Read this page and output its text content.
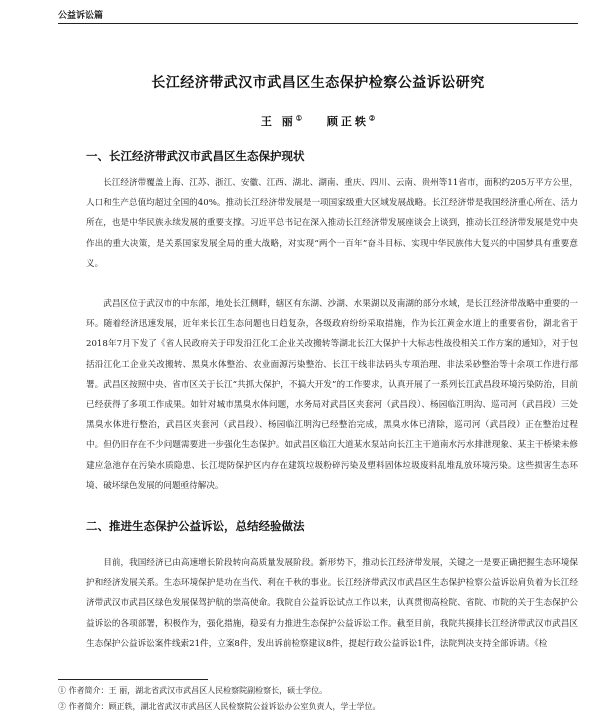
公益诉讼篇
长江经济带武汉市武昌区生态保护检察公益诉讼研究
王 丽① 顾正轶②
一、长江经济带武汉市武昌区生态保护现状
长江经济带覆盖上海、江苏、浙江、安徽、江西、湖北、湖南、重庆、四川、云南、贵州等11省市，面积约205万平方公里，人口和生产总值均超过全国的40%。推动长江经济带发展是一项国家级重大区域发展战略。长江经济带是我国经济重心所在、活力所在，也是中华民族永续发展的重要支撑。习近平总书记在深入推动长江经济带发展座谈会上谈到，推动长江经济带发展是党中央作出的重大决策，是关系国家发展全局的重大战略，对实现“两个一百年”奋斗目标、实现中华民族伟大复兴的中国梦具有重要意义。
武昌区位于武汉市的中东部，地处长江侧畔，辖区有东湖、沙湖、水果湖以及南湖的部分水域，是长江经济带战略中重要的一环。随着经济迅速发展，近年来长江生态问题也日趋复杂，各级政府纷纷采取措施，作为长江黄金水道上的重要省份，湖北省于2018年7月下发了《省人民政府关于印发沿江化工企业关改搬转等湖北长江大保护十大标志性战役相关工作方案的通知》，对于包括沿江化工企业关改搬转、黑臭水体整治、农业面源污染整治、长江干线非法码头专项治理、非法采砂整治等十余项工作进行部署。武昌区按照中央、省市区关于长江“共抓大保护，不搞大开发”的工作要求，认真开展了一系列长江武昌段环境污染防治，目前已经获得了多项工作成果。如针对城市黑臭水体问题，水务局对武昌区夹套河（武昌段）、杨园临江明沟、巡司河（武昌段）三处黑臭水体进行整治，武昌区夹套河（武昌段）、杨园临江明沟已经整治完成，黑臭水体已清除，巡司河（武昌段）正在整治过程中。但仍旧存在不少问题需要进一步强化生态保护。如武昌区临江大道某水泵站向长江主干道南水污水排泄现象、某主干桥梁未修建应急池存在污染水质隐患、长江堤防保护区内存在建筑垃圾粉碎污染及塑料固体垃圾废料乱堆乱放环境污染。这些损害生态环境、破坏绿色发展的问题亟待解决。
二、推进生态保护公益诉讼，总结经验做法
目前，我国经济已由高速增长阶段转向高质量发展阶段。新形势下，推动长江经济带发展，关键之一是要正确把握生态环境保护和经济发展关系。生态环境保护是功在当代、利在千秋的事业。长江经济带武汉市武昌区生态保护检察公益诉讼肩负着为长江经济带武汉市武昌区绿色发展保驾护航的崇高使命。我院自公益诉讼试点工作以来，认真贯彻高检院、省院、市院的关于生态保护公益诉讼的各项部署，积极作为，强化措施，稳妥有力推进生态保护公益诉讼工作。截至目前，我院共摸排长江经济带武汉市武昌区生态保护公益诉讼案件线索21件，立案8件，发出诉前检察建议8件，提起行政公益诉讼1件，法院判决支持全部诉请。《检
① 作者简介：王 丽，湖北省武汉市武昌区人民检察院副检察长，硕士学位。
② 作者简介：顾正轶，湖北省武汉市武昌区人民检察院公益诉讼办公室负责人，学士学位。
